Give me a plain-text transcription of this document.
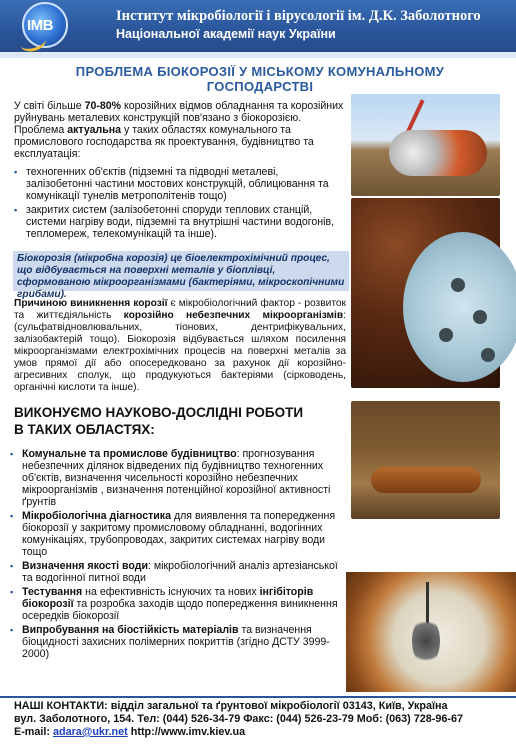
IMB
Інститут мікробіології і вірусології ім. Д.К. Заболотного
Національної академії наук України
ПРОБЛЕМА БІОКОРОЗІЇ У МІСЬКОМУ КОМУНАЛЬНОМУ
ГОСПОДАРСТВІ
У світі більше 70-80% корозійних відмов обладнання та корозійних руйнувань металевих конструкцій пов'язано з біокорозією. Проблема актуальна у таких областях комунального та промислового господарства як проектування, будівництво та експлуатація:
▪ техногенних об'єктів (підземні та підводні металеві, залізобетонні частини мостових конструкцій, облицювання та комунікації тунелів метрополітенів тощо)
▪ закритих систем (залізобетонні споруди теплових станцій, системи нагріву води, підземні та внутрішні частини водогонів, тепломереж, телекомунікацій та інше).

Біокорозія (мікробна корозія) це біоелектрохімічний процес, що відбувається на поверхні металів у біоплівці, сформованою мікроорганізмами (бактеріями, мікроскопічними грибами).

Причиною виникнення корозії є мікробіологічний фактор - розвиток та життєдіяльність корозійно небезпечних мікроорганізмів: (сульфатвідновлювальних, тіонових, дентрифікувальних, залізобактерій тощо). Біокорозія відбувається шляхом посилення мікроорганізмами електрохімічних процесів на поверхні металів за умов прямої дії або опосередковано за рахунок дії корозійно-агресивних сполук, що продукуються бактеріями (сірководень, органічні кислоти та інше).
ВИКОНУЄМО НАУКОВО-ДОСЛІДНІ РОБОТИ
В ТАКИХ ОБЛАСТЯХ:
▪ Комунальне та промислове будівництво: прогнозування небезпечних ділянок відведених під будівництво техногенних об'єктів, визначення чисельності корозійно небезпечних мікроорганізмів , визначення потенційної корозійної активності ґрунтів
▪ Мікробіологічна діагностика для виявлення та попередження біокорозії у закритому промисловому обладнанні, водогінних комунікаціях, трубопроводах, закритих системах нагріву води тощо
▪ Визначення якості води: мікробіологічний аналіз артезіанської та водогінної питної води
▪ Тестування на ефективність існуючих та нових інгібіторів біокорозії та розробка заходів щодо попередження виникнення осередків біокорозії
▪ Випробування на біостійкість матеріалів та визначення біоцидності захисних полімерних покриттів (згідно ДСТУ 3999-2000)
НАШІ КОНТАКТИ: відділ загальної та ґрунтової мікробіології 03143, Київ, Україна
вул. Заболотного, 154. Тел: (044) 526-34-79 Факс: (044) 526-23-79 Моб: (063) 728-96-67
E-mail: adara@ukr.net http://www.imv.kiev.ua
